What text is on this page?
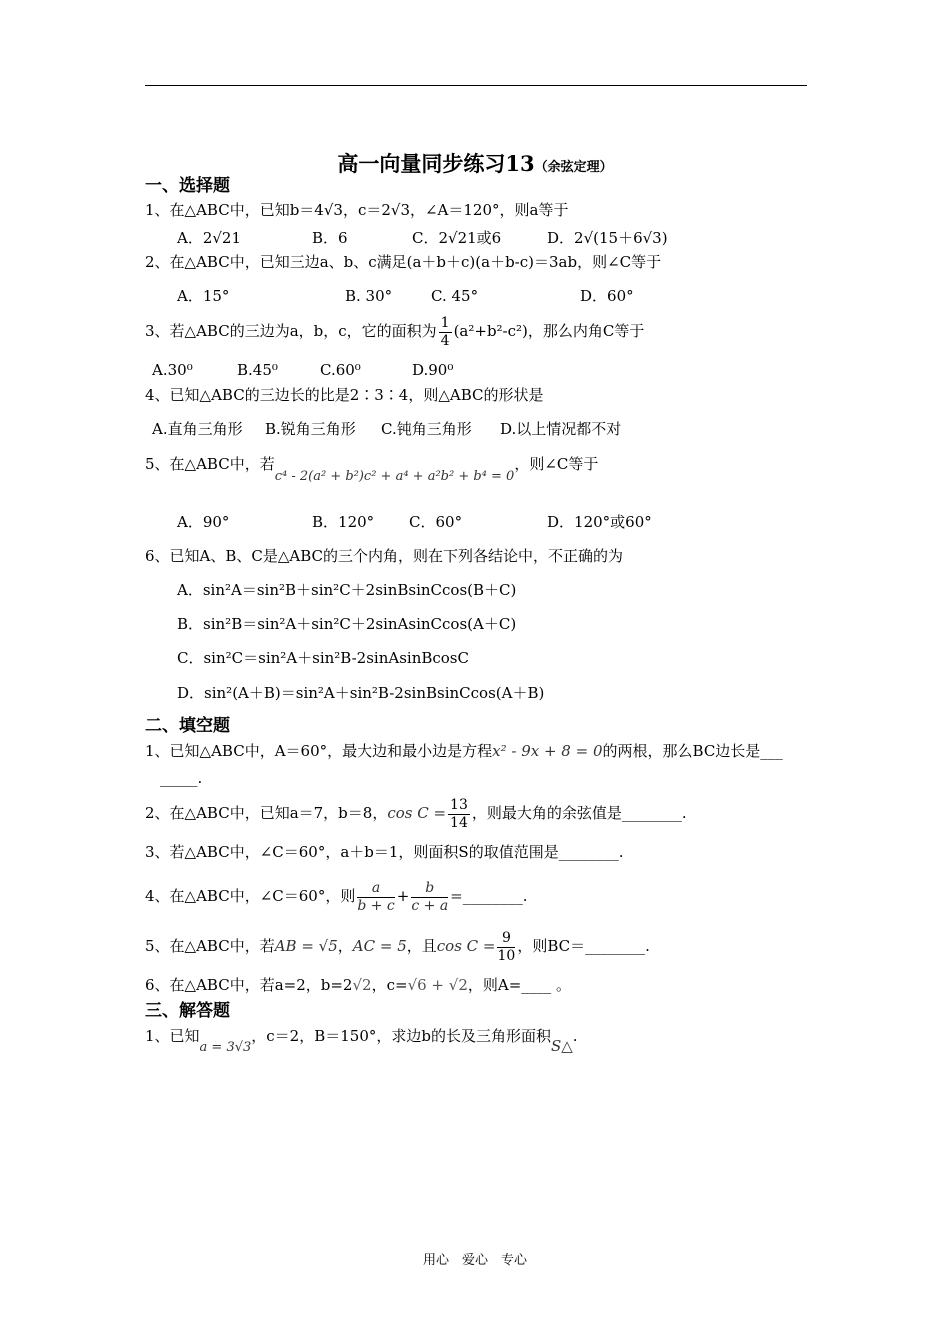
高一向量同步练习13（余弦定理）
一、选择题
1、在△ABC中，已知b＝4√3，c＝2√3，∠A＝120°，则a等于
A．2√21	B．6	C．2√21或6	D．2√(15＋6√3)
2、在△ABC中，已知三边a、b、c满足(a＋b＋c)(a＋b-c)＝3ab，则∠C等于
A．15°	B. 30°	C. 45°	D．60°
3、若△ABC的三边为a，b，c，它的面积为 $\frac{1}{4} (a^2+b^2-c^2)$，那么内角C等于
A.30⁰	B.45⁰	C.60⁰	D.90⁰
4、已知△ABC的三边长的比是2∶3∶4，则△ABC的形状是
A.直角三角形 B.锐角三角形 C.钝角三角形 D.以上情况都不对
5、在△ABC中，若c⁴ - 2(a² + b²)c² + a⁴ + a²b² + b⁴ = 0，则∠C等于
A．90°	B．120° C．60°	D．120°或60°
6、已知A、B、C是△ABC的三个内角，则在下列各结论中，不正确的为
A．sin²A＝sin²B＋sin²C＋2sinBsinCcos(B＋C)
B．sin²B＝sin²A＋sin²C＋2sinAsinCcos(A＋C)
C．sin²C＝sin²A＋sin²B-2sinAsinBcosC
D．sin²(A＋B)＝sin²A＋sin²B-2sinBsinCcos(A＋B)
二、填空题
1、已知△ABC中，A＝60°，最大边和最小边是方程x² - 9x + 8 = 0的两根，那么BC边长是___
_____.
2、在△ABC中，已知a＝7，b＝8，$\cos C = \frac{13}{14}$ ，则最大角的余弦值是________.
3、若△ABC中，∠C＝60°，a＋b＝1，则面积S的取值范围是________.
4、在△ABC中，∠C＝60°，则 $\frac{a}{b + c} + \frac{b}{c + a}$ =________.
5、在△ABC中，若AB = √5，AC = 5，且$\cos C = \frac{9}{10}$ ，则BC＝________.
6、在△ABC中，若a=2，b=2√2，c=√6 + √2，则A=____ 。
三、解答题
1、已知a = 3√3，c＝2，B＝150°，求边b的长及三角形面积S△.
用心　爱心　专心
